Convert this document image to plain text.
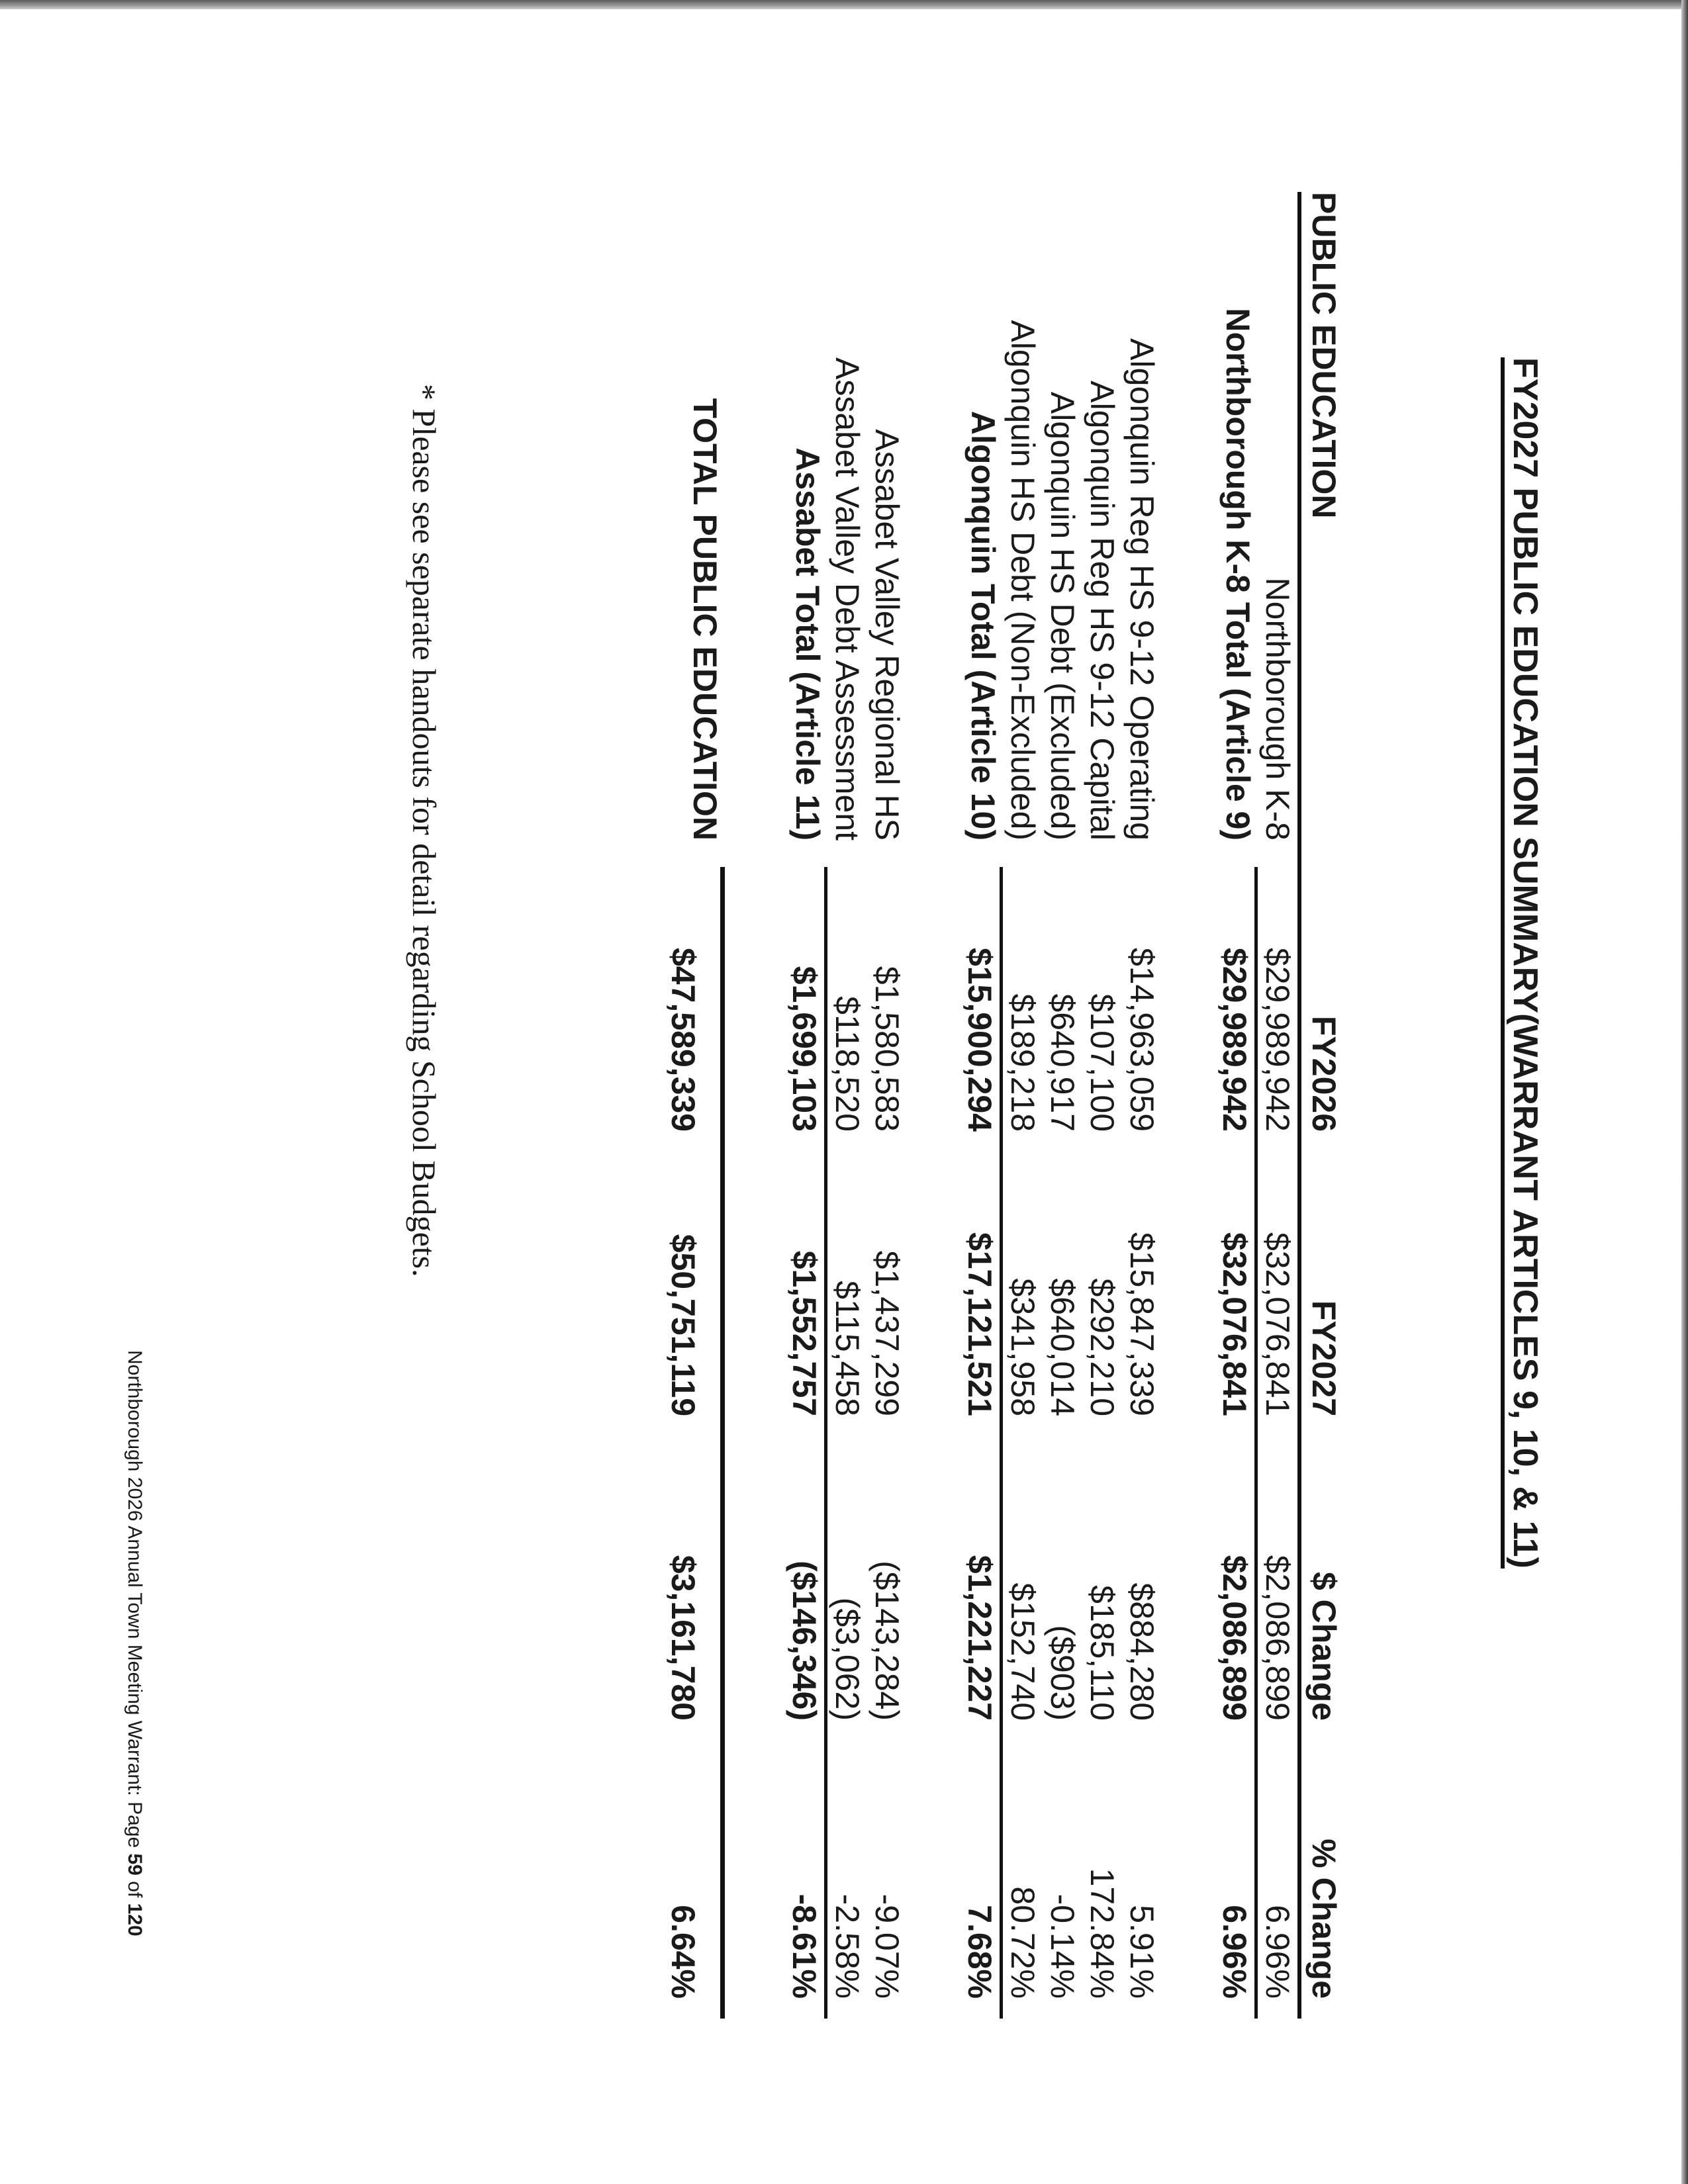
FY2027 PUBLIC EDUCATION SUMMARY(WARRANT ARTICLES 9, 10, & 11)
PUBLIC EDUCATION
FY2026
FY2027
$ Change
% Change
Northborough K-8
$29,989,942
$32,076,841
$2,086,899
6.96%
Northborough K-8 Total (Article 9)
$29,989,942
$32,076,841
$2,086,899
6.96%
Algonquin Reg HS 9-12 Operating
$14,963,059
$15,847,339
$884,280
5.91%
Algonquin Reg HS 9-12 Capital
$107,100
$292,210
$185,110
172.84%
Algonquin HS Debt (Excluded)
$640,917
$640,014
($903)
-0.14%
Algonquin HS Debt (Non-Excluded)
$189,218
$341,958
$152,740
80.72%
Algonquin Total (Article 10)
$15,900,294
$17,121,521
$1,221,227
7.68%
Assabet Valley Regional HS
$1,580,583
$1,437,299
($143,284)
-9.07%
Assabet Valley Debt Assessment
$118,520
$115,458
($3,062)
-2.58%
Assabet Total (Article 11)
$1,699,103
$1,552,757
($146,346)
-8.61%
TOTAL PUBLIC EDUCATION
$47,589,339
$50,751,119
$3,161,780
6.64%
* Please see separate handouts for detail regarding School Budgets.
Northborough 2026 Annual Town Meeting Warrant: Page 59 of 120
